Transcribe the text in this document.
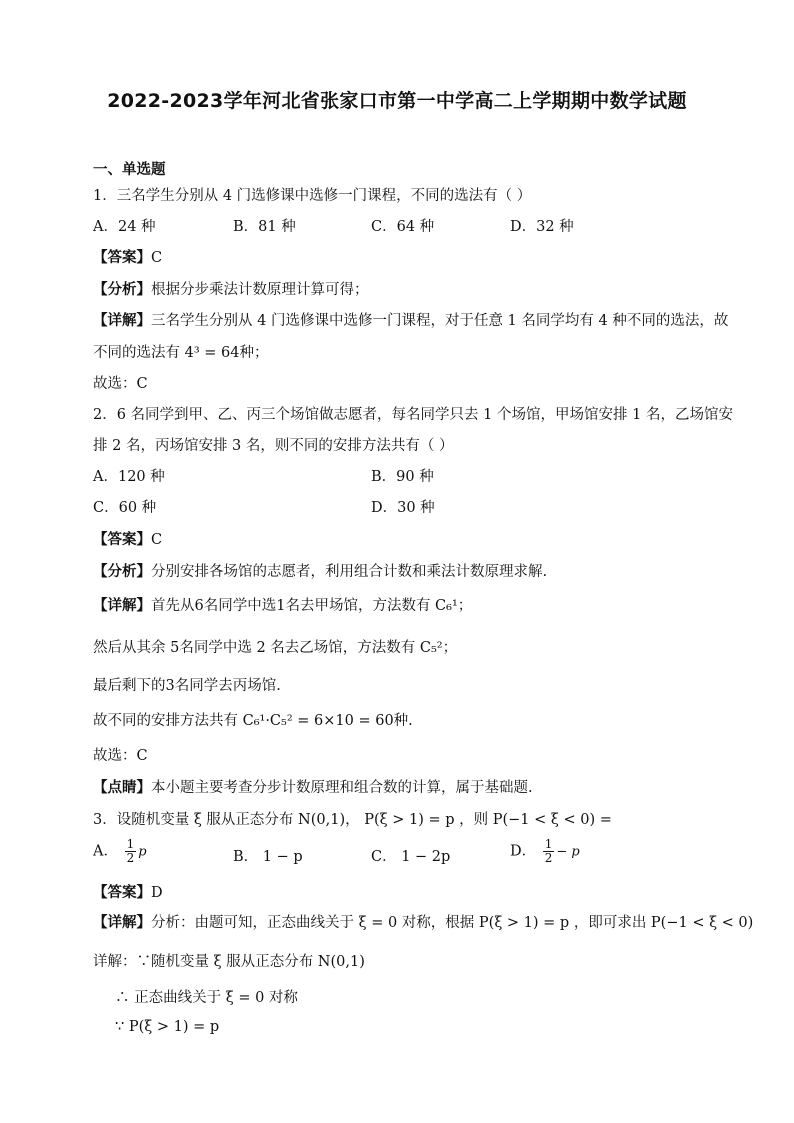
2022-2023学年河北省张家口市第一中学高二上学期期中数学试题
一、单选题
1．三名学生分别从 4 门选修课中选修一门课程，不同的选法有（ ）
A．24 种	B．81 种	C．64 种	D．32 种
【答案】C
【分析】根据分步乘法计数原理计算可得；
【详解】三名学生分别从 4 门选修课中选修一门课程，对于任意 1 名同学均有 4 种不同的选法，故
不同的选法有 4³ = 64种；
故选：C
2．6 名同学到甲、乙、丙三个场馆做志愿者，每名同学只去 1 个场馆，甲场馆安排 1 名，乙场馆安
排 2 名，丙场馆安排 3 名，则不同的安排方法共有（ ）
A．120 种	B．90 种
C．60 种	D．30 种
【答案】C
【分析】分别安排各场馆的志愿者，利用组合计数和乘法计数原理求解.
【详解】首先从6名同学中选1名去甲场馆，方法数有 C₆¹；
然后从其余 5名同学中选 2 名去乙场馆，方法数有 C₅²；
最后剩下的3名同学去丙场馆.
故不同的安排方法共有 C₆¹·C₅² = 6×10 = 60种.
故选：C
【点睛】本小题主要考查分步计数原理和组合数的计算，属于基础题.
3．设随机变量 ξ 服从正态分布 N(0,1)， P(ξ > 1) = p ，则 P(−1 < ξ < 0) =
A． $\frac{1}{2}$ p	B． 1 − p	C． 1 − 2p	D． $\frac{1}{2} - p$
【答案】D
【详解】分析：由题可知，正态曲线关于 ξ = 0 对称，根据 P(ξ > 1) = p ，即可求出 P(−1 < ξ < 0)
详解：∵随机变量 ξ 服从正态分布 N(0,1)
∴ 正态曲线关于 ξ = 0 对称
∵ P(ξ > 1) = p
